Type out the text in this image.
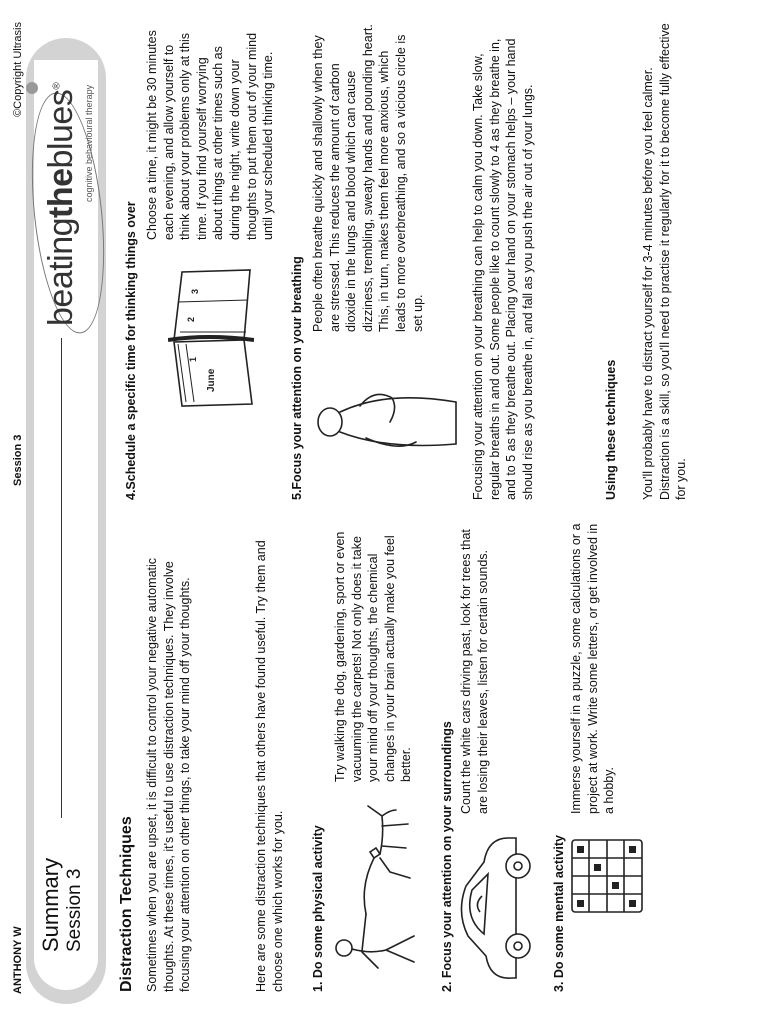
ANTHONY W
Session 3
©Copyright Ultrasis
Summary Session 3
beatingtheblues®	cognitive behavioural therapy
Distraction Techniques Sometimes when you are upset, it is difficult to control your negative automatic thoughts. At these times, it's useful to use distraction techniques. They involve focusing your attention on other things, to take your mind off your thoughts.	Here are some distraction techniques that others have found useful. Try them and choose one which works for you. 1. Do some physical activity

Try walking the dog, gardening, sport or even vacuuming the carpets! Not only does it take your mind off your thoughts, the chemical changes in your brain actually make you feel better. 2. Focus your attention on your surroundings

Count the white cars driving past, look for trees that are losing their leaves, listen for certain sounds.

3. Do some mental activity

Immerse yourself in a puzzle, some calculations or a project at work. Write some letters, or get involved in a hobby.

4.Schedule a specific time for thinking things over	June
1
2
3

Choose a time, it might be 30 minutes each evening, and allow yourself to think about your problems only at this time. If you find yourself worrying about things at other times such as during the night, write down your thoughts to put them out of your mind until your scheduled thinking time.

5.Focus your attention on your breathing

People often breathe quickly and shallowly when they are stressed. This reduces the amount of carbon dioxide in the lungs and blood which can cause dizziness, trembling, sweaty hands and pounding heart. This, in turn, makes them feel more anxious, which leads to more overbreathing, and so a vicious circle is set up.	Focusing your attention on your breathing can help to calm you down. Take slow, regular breaths in and out. Some people like to count slowly to 4 as they breathe in, and to 5 as they breathe out. Placing your hand on your stomach helps – your hand should rise as you breathe in, and fall as you push the air out of your lungs.	Using these techniques You'll probably have to distract yourself for 3-4 minutes before you feel calmer. Distraction is a skill, so you'll need to practise it regularly for it to become fully effective for you.
